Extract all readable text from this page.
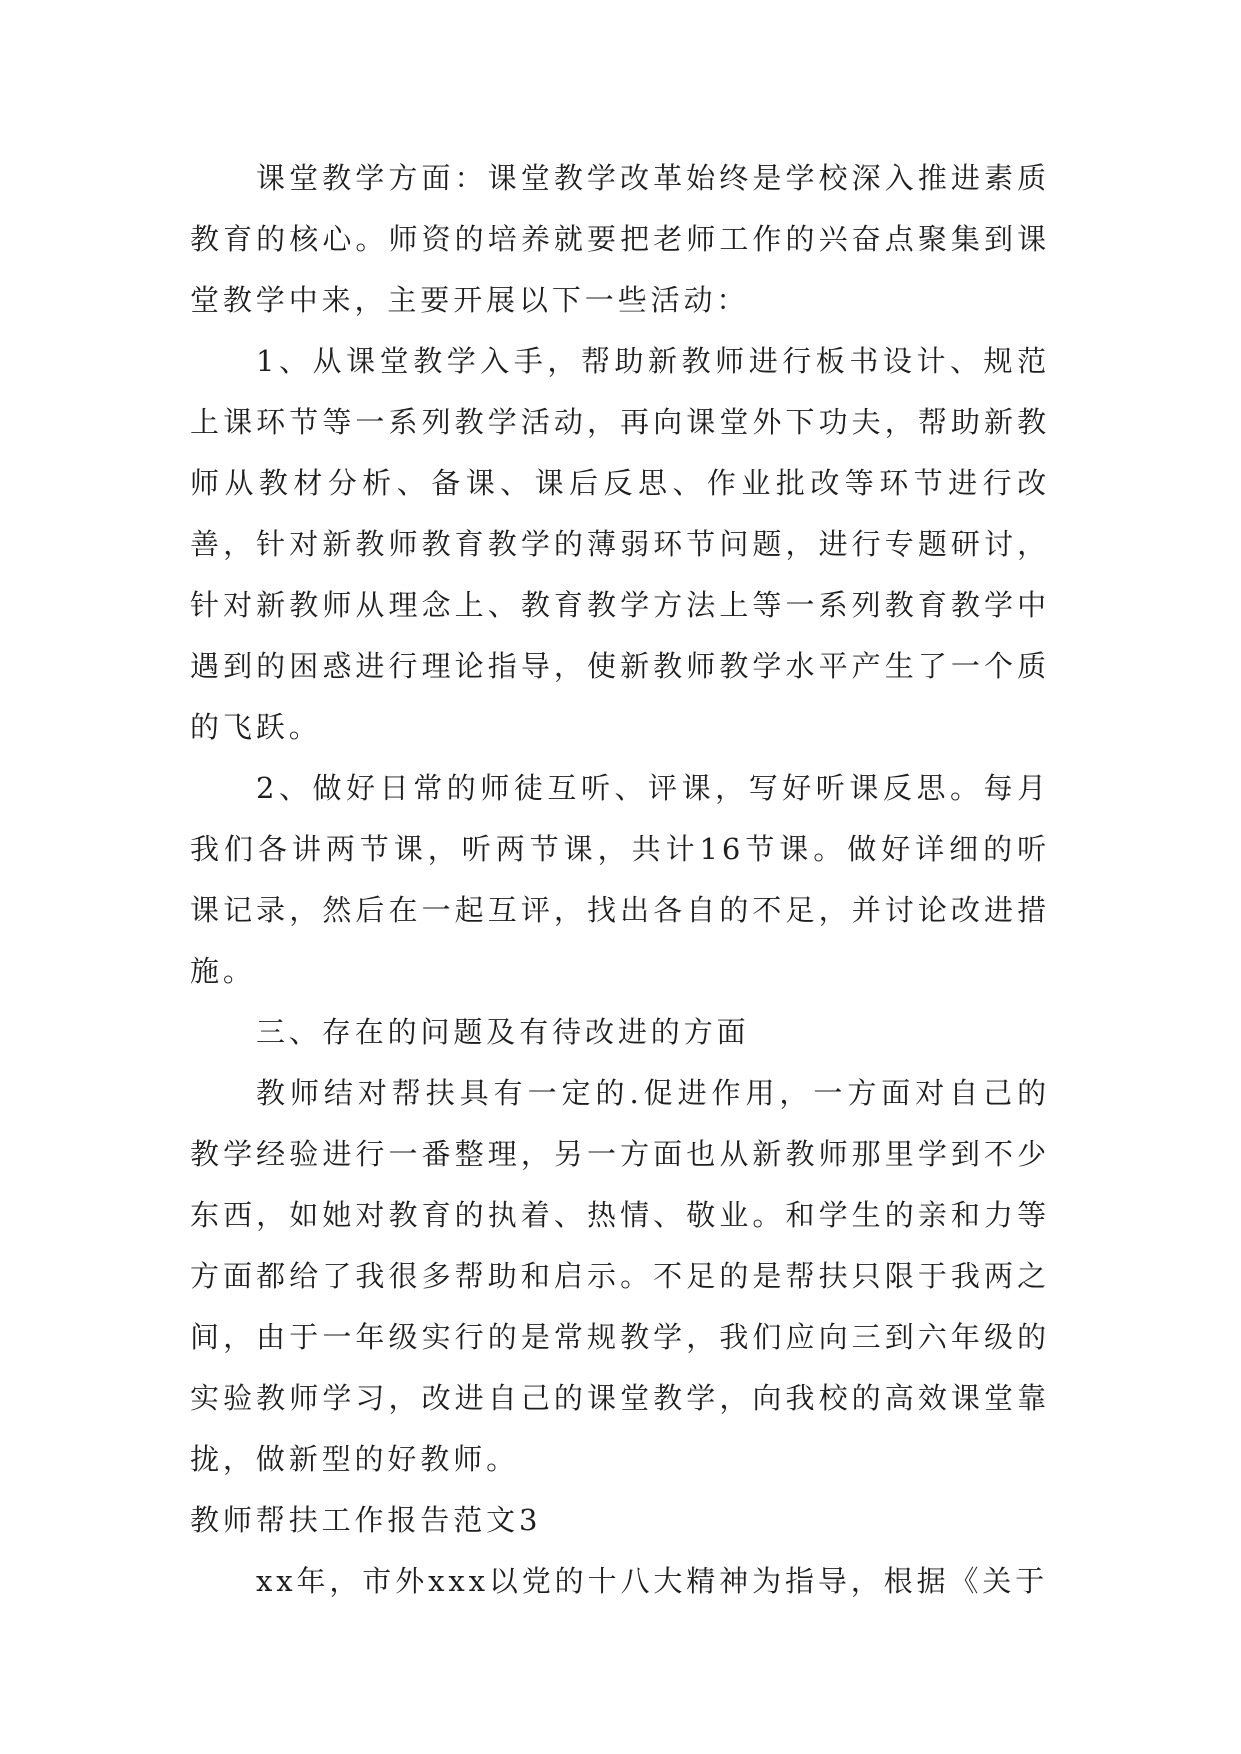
课堂教学方面：课堂教学改革始终是学校深入推进素质教育的核心。师资的培养就要把老师工作的兴奋点聚集到课堂教学中来，主要开展以下一些活动：

1、从课堂教学入手，帮助新教师进行板书设计、规范上课环节等一系列教学活动，再向课堂外下功夫，帮助新教师从教材分析、备课、课后反思、作业批改等环节进行改善，针对新教师教育教学的薄弱环节问题，进行专题研讨，针对新教师从理念上、教育教学方法上等一系列教育教学中遇到的困惑进行理论指导，使新教师教学水平产生了一个质的飞跃。

2、做好日常的师徒互听、评课，写好听课反思。每月我们各讲两节课，听两节课，共计16节课。做好详细的听课记录，然后在一起互评，找出各自的不足，并讨论改进措施。

三、存在的问题及有待改进的方面

教师结对帮扶具有一定的.促进作用，一方面对自己的教学经验进行一番整理，另一方面也从新教师那里学到不少东西，如她对教育的执着、热情、敬业。和学生的亲和力等方面都给了我很多帮助和启示。不足的是帮扶只限于我两之间，由于一年级实行的是常规教学，我们应向三到六年级的实验教师学习，改进自己的课堂教学，向我校的高效课堂靠拢，做新型的好教师。

教师帮扶工作报告范文3

xx年，市外xxx以党的十八大精神为指导，根据《关于
